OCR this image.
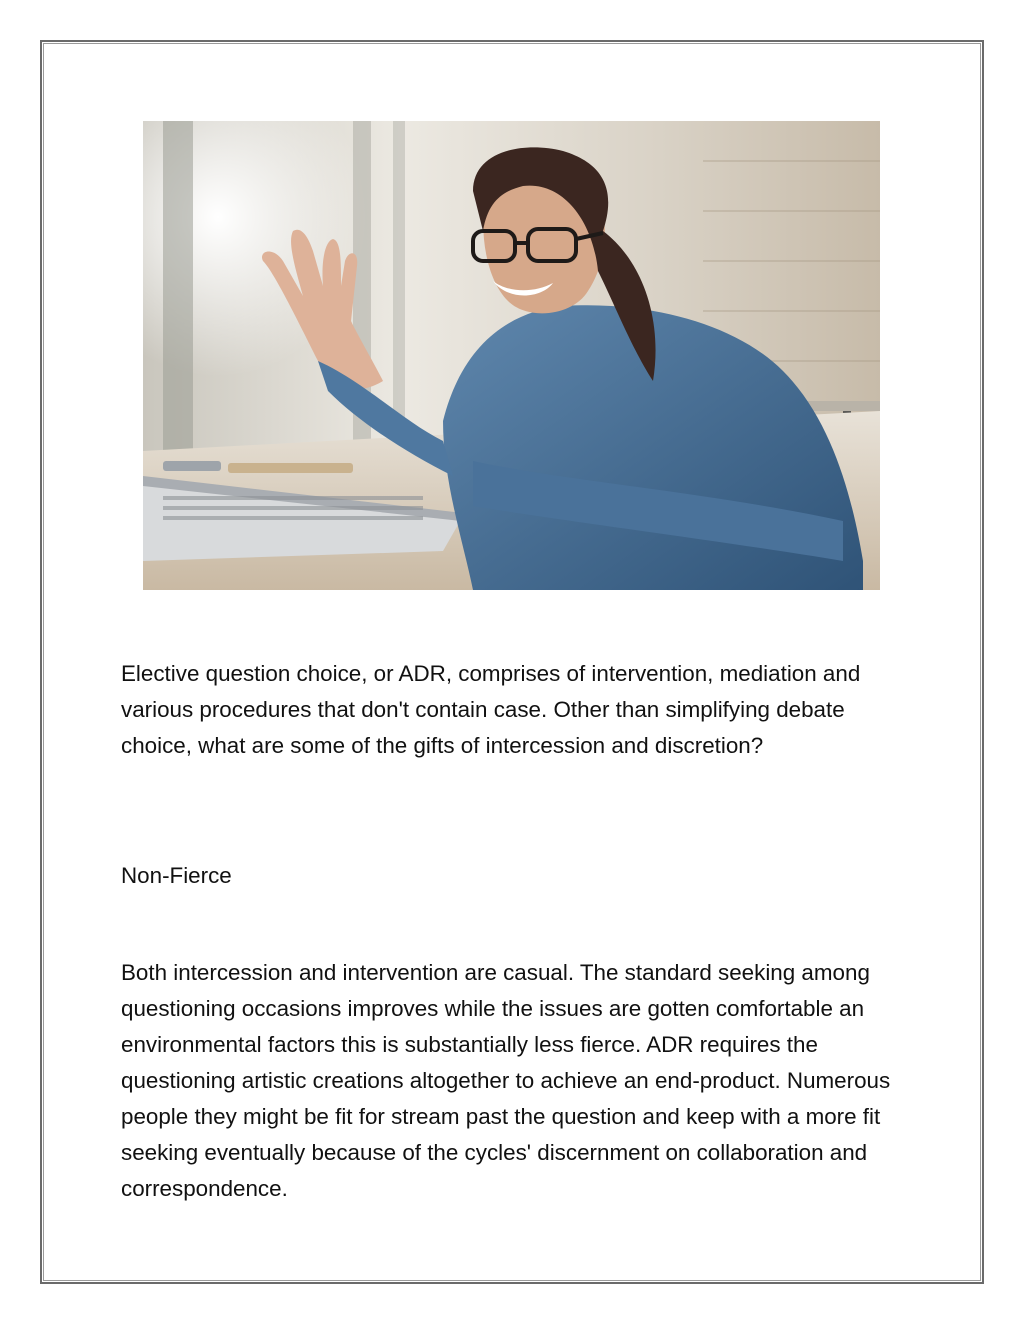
Elective question choice, or ADR, comprises of intervention, mediation and various procedures that don't contain case. Other than simplifying debate choice, what are some of the gifts of intercession and discretion?

Non-Fierce

Both intercession and intervention are casual. The standard seeking among questioning occasions improves while the issues are gotten comfortable an environmental factors this is substantially less fierce. ADR requires the questioning artistic creations altogether to achieve an end-product. Numerous people they might be fit for stream past the question and keep with a more fit seeking eventually because of the cycles' discernment on collaboration and correspondence.
